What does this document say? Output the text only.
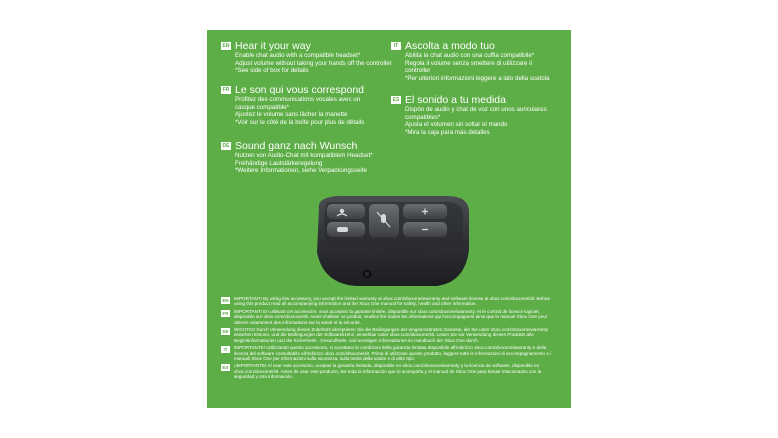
EN Hear it your way
Enable chat audio with a compatible headset*
Adjust volume without taking your hands off the controller
*See side of box for details
FR Le son qui vous correspond
Profitez des communications vocales avec un
casque compatible*
Ajustez le volume sans lâcher la manette
*Voir sur le côté de la boîte pour plus de détails
DE Sound ganz nach Wunsch
Nutzen von Audio-Chat mit kompatiblem Headset*
Freihändige Lautstärkeregelung
*Weitere Informationen, siehe Verpackungsseite
IT Ascolta a modo tuo
Abilita la chat audio con una cuffia compatibile*
Regola il volume senza smettere di utilizzare il
controller
*Per ulteriori informazioni leggere a lato della scatola
ES El sonido a tu medida
Dispón de audio y chat de voz con unos auriculares
compatibles*
Ajusta el volumen sin soltar el mando
*Mira la caja para más detalles
EN IMPORTANT! By using this accessory, you accept the limited warranty at xbox.com/xboxone/warranty and software license at xbox.com/xboxone/slt. Before using this product read all accompanying information and the Xbox One manual for safety, health and other information.
FR	IMPORTANT! En utilisant cet accessoire, vous acceptez la garantie limitée, disponible sur xbox.com/xboxone/warranty, et le contrat de licence logiciel, disponible sur xbox.com/xboxone/slt. Avant d'utiliser ce produit, veuillez lire toutes les informations qui l'accompagnent ainsi que le manuel Xbox One pour obtenir notamment des informations sur la santé et la sécurité.
DE WICHTIG! Durch Verwendung dieses Zubehörs akzeptieren Sie die Bedingungen der eingeschränkten Garantie, die Sie unter xbox.com/xboxone/warranty einsehen können, und die Bedingungen der Softwarelizenz, einsehbar unter xbox.com/xboxone/slt. Lesen Sie vor Verwendung dieses Produkts alle Begleitinformationen und die Sicherheits-, Gesundheits- und sonstigen Informationen im Handbuch der Xbox One durch.
IT	IMPORTANTE! Utilizzando questo accessorio, si accettano le condizioni della garanzia limitata disponibile all'indirizzo xbox.com/xboxone/warranty e della licenza del software consultabile all'indirizzo xbox.com/xboxone/slt. Prima di utilizzare questo prodotto, leggere tutte le informazioni di accompagnamento e i manuali Xbox One per informazioni sulla sicurezza, sulla tutela della salute e di altro tipo.
ES	¡IMPORTANTE! Al usar este accesorio, aceptas la garantía limitada, disponible en xbox.com/xboxone/warranty y la licencia de software, disponible en xbox.com/xboxone/slt. Antes de usar este producto, lee toda la información que lo acompaña y el manual de Xbox One para temas relacionados con la seguridad y otra información.
